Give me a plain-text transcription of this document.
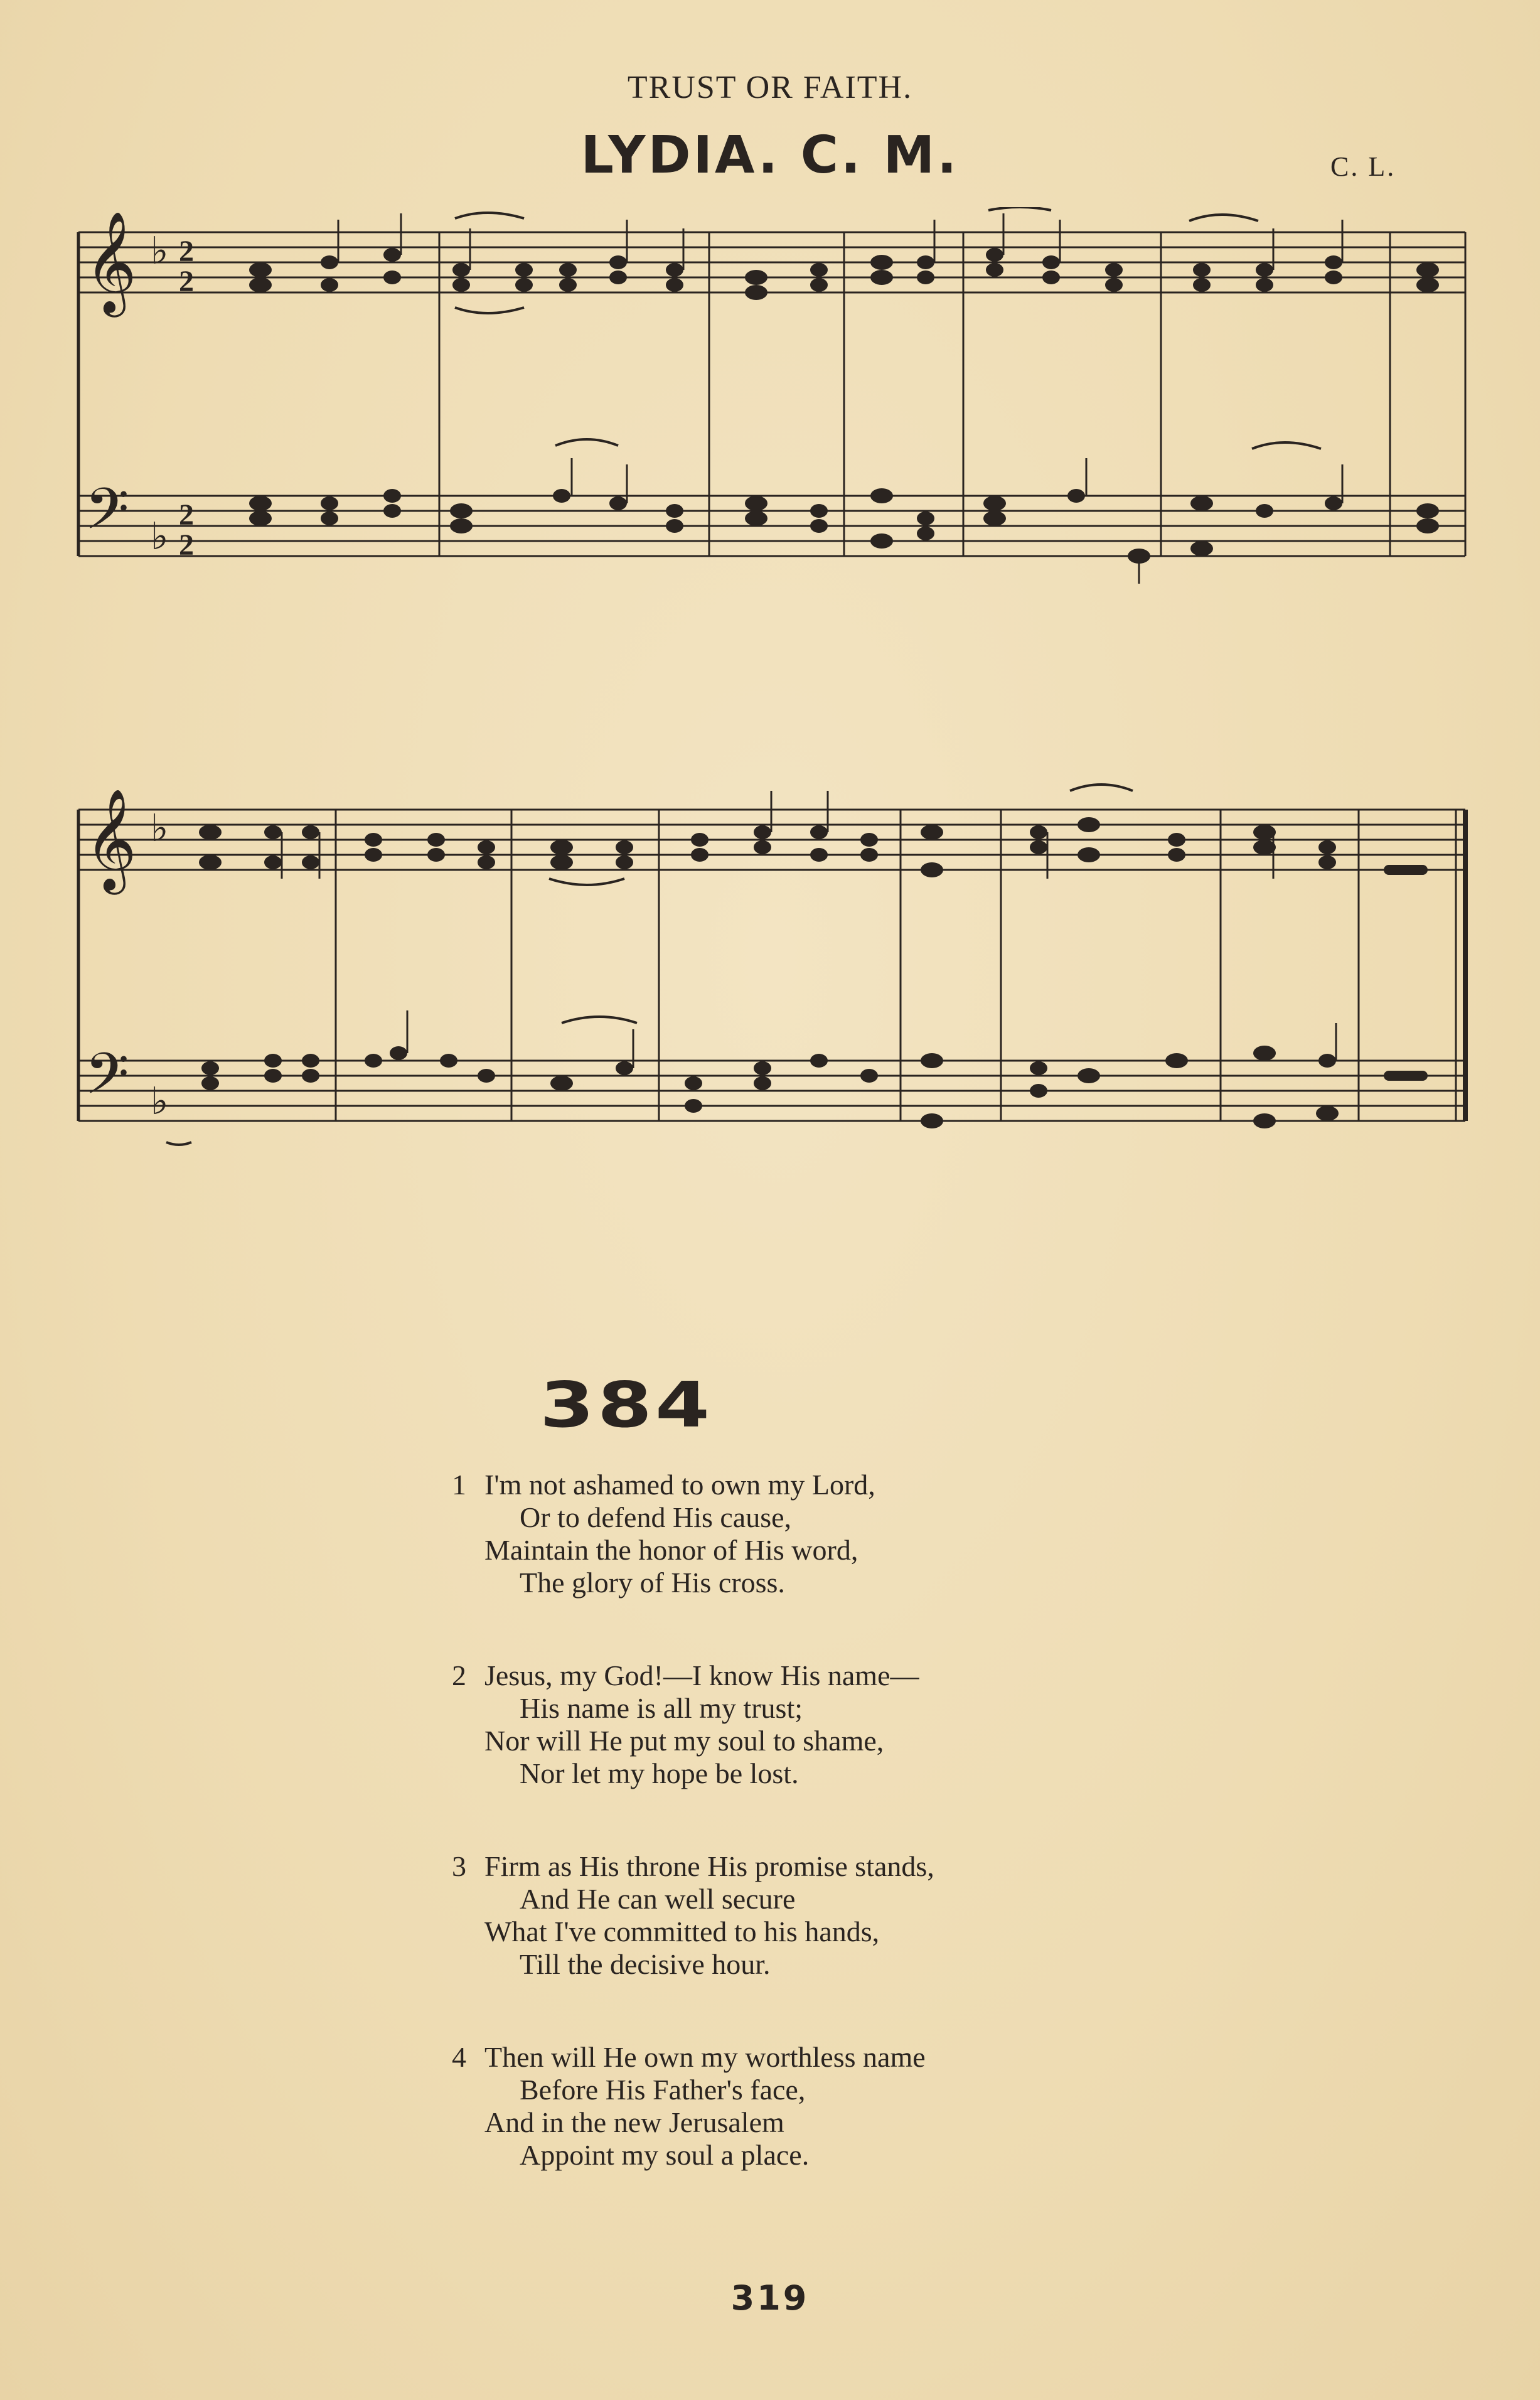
TRUST OR FAITH.
LYDIA. C. M.	C. L.
𝄞
𝄢
♭
♭
2
2
2
2
𝄞
𝄢
♭
♭
384
1 I'm not ashamed to own my Lord,
Or to defend His cause,
Maintain the honor of His word,
The glory of His cross.
2 Jesus, my God!—I know His name—
His name is all my trust;
Nor will He put my soul to shame,
Nor let my hope be lost.
3 Firm as His throne His promise stands,
And He can well secure
What I've committed to his hands,
Till the decisive hour.
4 Then will He own my worthless name
Before His Father's face,
And in the new Jerusalem
Appoint my soul a place.
319
